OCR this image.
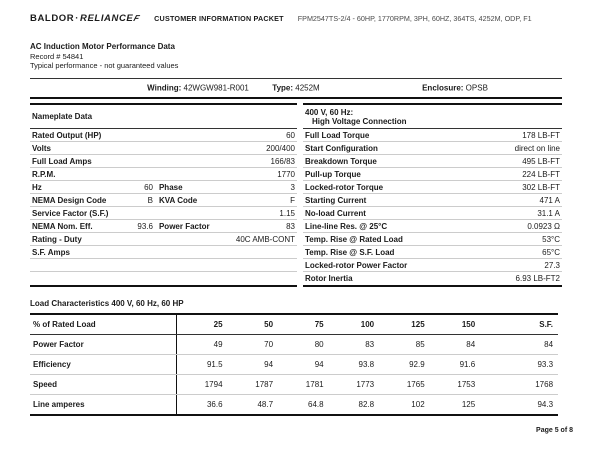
BALDOR · RELIANCE F CUSTOMER INFORMATION PACKET FPM2547TS-2/4 - 60HP, 1770RPM, 3PH, 60HZ, 364TS, 4252M, ODP, F1
AC Induction Motor Performance Data
Record # 54841
Typical performance - not guaranteed values
Winding: 42WGW981-R001	Type: 4252M	Enclosure: OPSB
Nameplate Data
Rated Output (HP)	60
Volts	200/400
Full Load Amps	166/83
R.P.M.	1770
Hz	60 Phase	3
NEMA Design Code	B KVA Code	F
Service Factor (S.F.)	1.15
NEMA Nom. Eff.	93.6 Power Factor	83
Rating - Duty	40C AMB-CONT
S.F. Amps
400 V, 60 Hz:
High Voltage Connection
Full Load Torque	178 LB-FT
Start Configuration	direct on line
Breakdown Torque	495 LB-FT
Pull-up Torque	224 LB-FT
Locked-rotor Torque	302 LB-FT
Starting Current	471 A
No-load Current	31.1 A
Line-line Res. @ 25°C	0.0923 Ω
Temp. Rise @ Rated Load	53°C
Temp. Rise @ S.F. Load	65°C
Locked-rotor Power Factor	27.3
Rotor Inertia	6.93 LB-FT2
Load Characteristics 400 V, 60 Hz, 60 HP
% of Rated Load	25	50	75	100	125	150	S.F.
Power Factor	49	70	80	83	85	84	84
Efficiency	91.5	94	94	93.8	92.9	91.6	93.3
Speed	1794	1787	1781	1773	1765	1753	1768
Line amperes	36.6	48.7	64.8	82.8	102	125	94.3
Page 5 of 8
